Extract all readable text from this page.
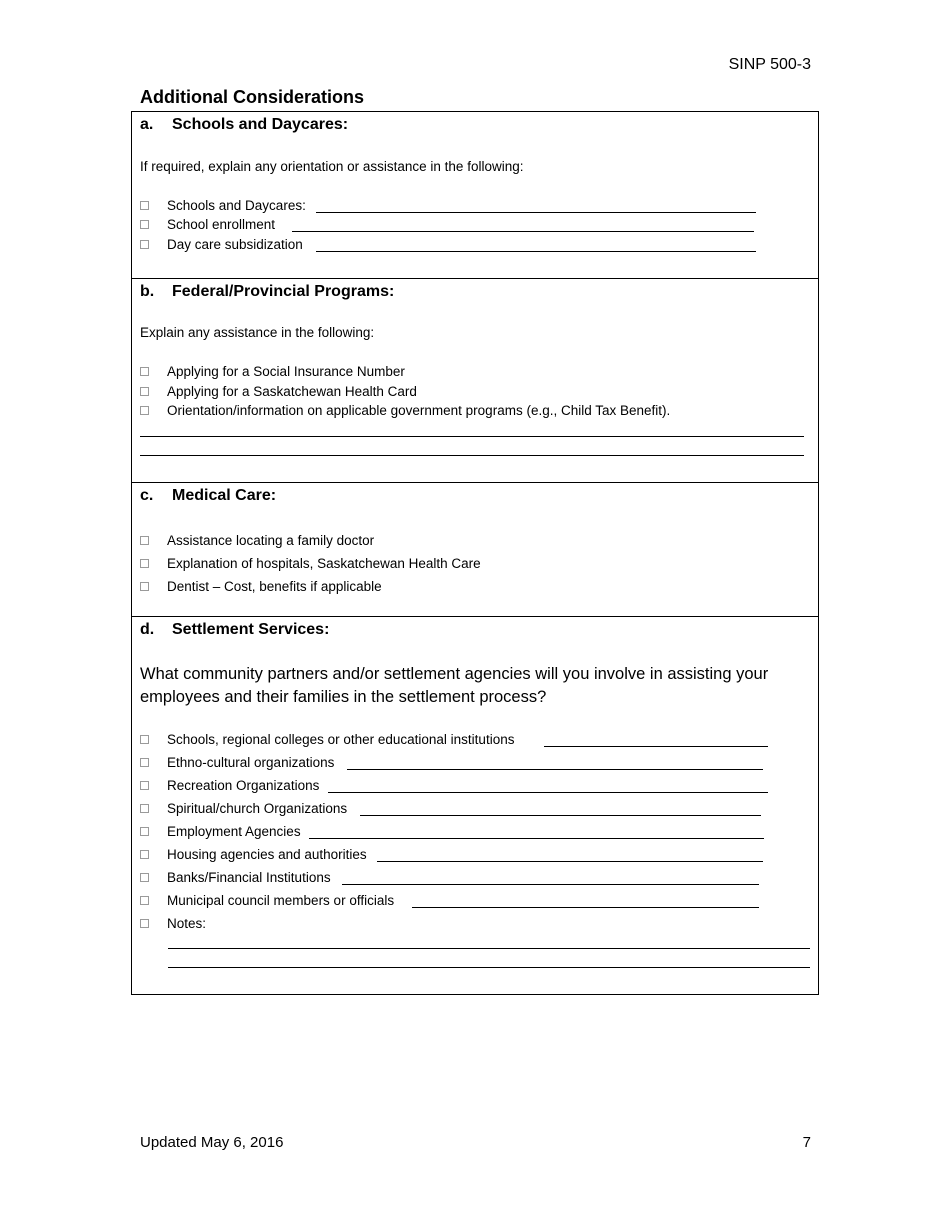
SINP 500-3
Additional Considerations
a. Schools and Daycares:
If required, explain any orientation or assistance in the following:
Schools and Daycares:
School enrollment
Day care subsidization
b. Federal/Provincial Programs:
Explain any assistance in the following:
Applying for a Social Insurance Number
Applying for a Saskatchewan Health Card
Orientation/information on applicable government programs (e.g., Child Tax Benefit).
c. Medical Care:
Assistance locating a family doctor
Explanation of hospitals, Saskatchewan Health Care
Dentist – Cost, benefits if applicable
d. Settlement Services:
What community partners and/or settlement agencies will you involve in assisting your employees and their families in the settlement process?
Schools, regional colleges or other educational institutions
Ethno-cultural organizations
Recreation Organizations
Spiritual/church Organizations
Employment Agencies
Housing agencies and authorities
Banks/Financial Institutions
Municipal council members or officials
Notes:
Updated May 6, 2016	7
